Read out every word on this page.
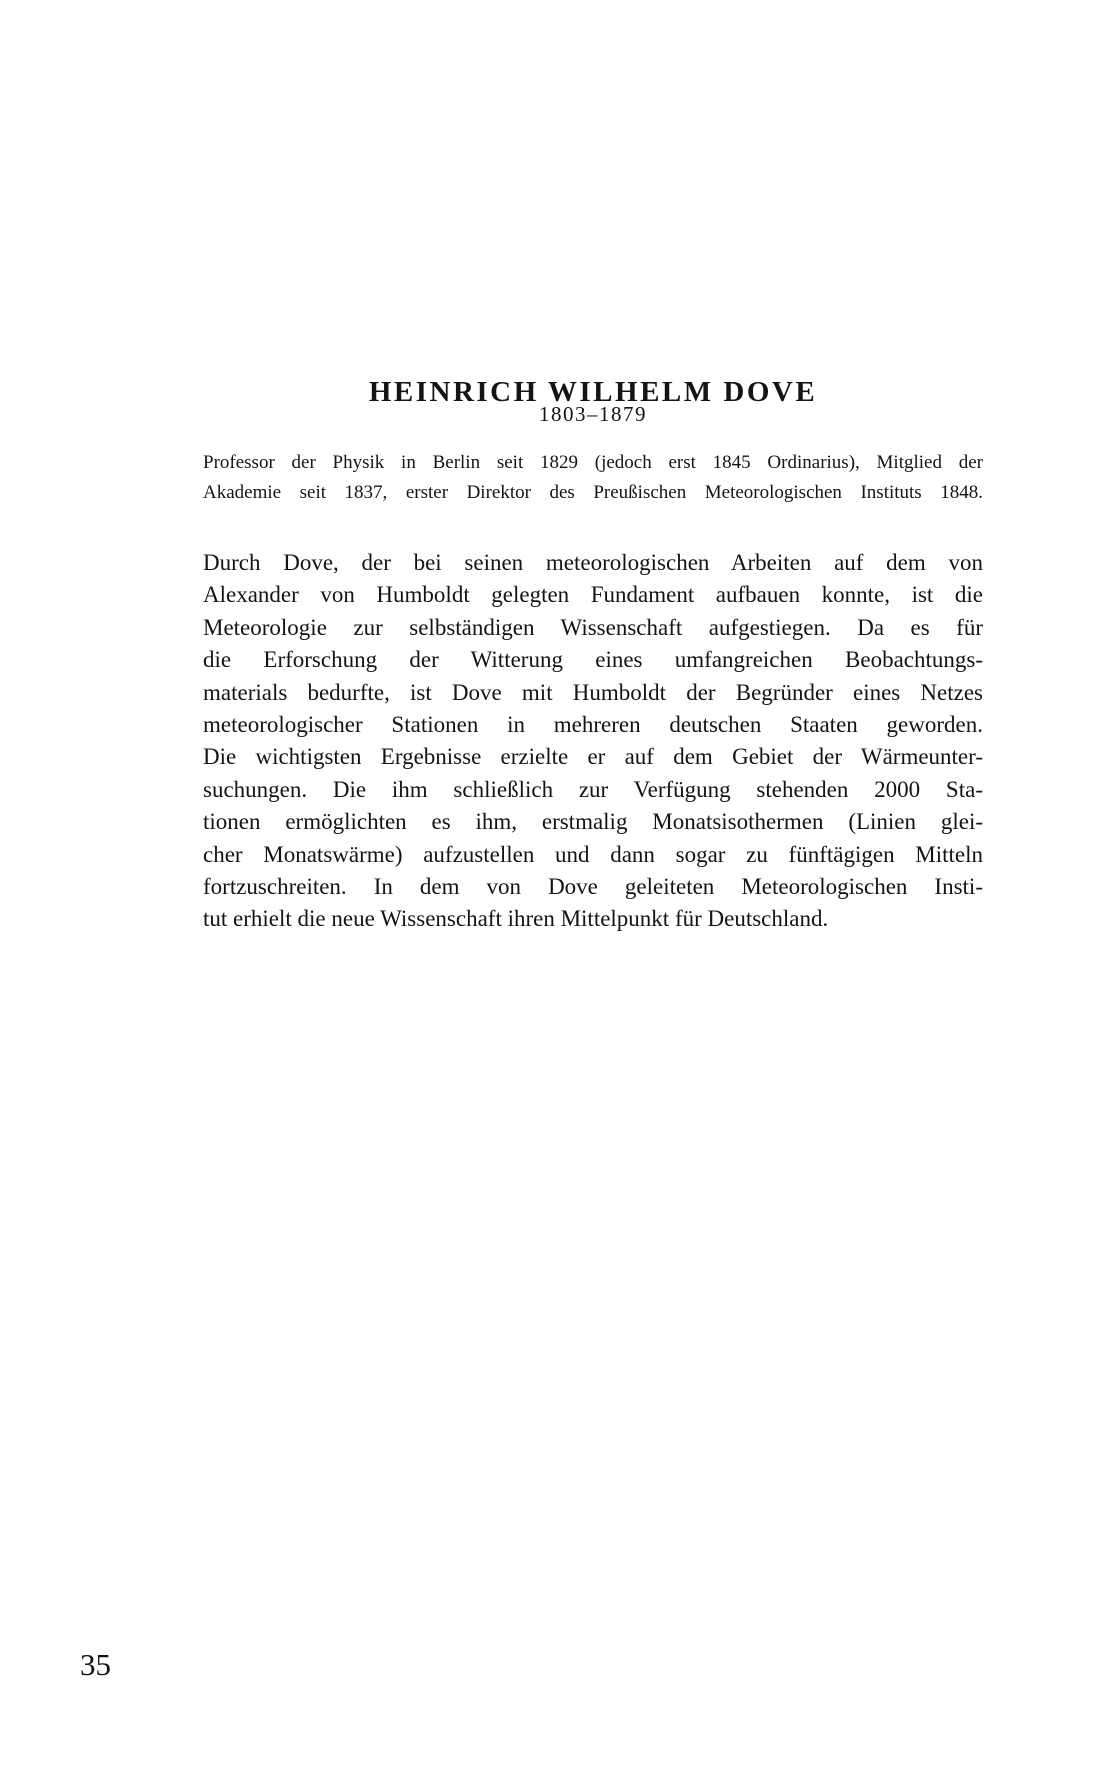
HEINRICH WILHELM DOVE
1803–1879
Professor der Physik in Berlin seit 1829 (jedoch erst 1845 Ordinarius), Mitglied der
Akademie seit 1837, erster Direktor des Preußischen Meteorologischen Instituts 1848.
Durch Dove, der bei seinen meteorologischen Arbeiten auf dem von
Alexander von Humboldt gelegten Fundament aufbauen konnte, ist die
Meteorologie zur selbständigen Wissenschaft aufgestiegen. Da es für
die Erforschung der Witterung eines umfangreichen Beobachtungs-
materials bedurfte, ist Dove mit Humboldt der Begründer eines Netzes
meteorologischer Stationen in mehreren deutschen Staaten geworden.
Die wichtigsten Ergebnisse erzielte er auf dem Gebiet der Wärmeunter-
suchungen. Die ihm schließlich zur Verfügung stehenden 2000 Sta-
tionen ermöglichten es ihm, erstmalig Monatsisothermen (Linien glei-
cher Monatswärme) aufzustellen und dann sogar zu fünftägigen Mitteln
fortzuschreiten. In dem von Dove geleiteten Meteorologischen Insti-
tut erhielt die neue Wissenschaft ihren Mittelpunkt für Deutschland.
35
